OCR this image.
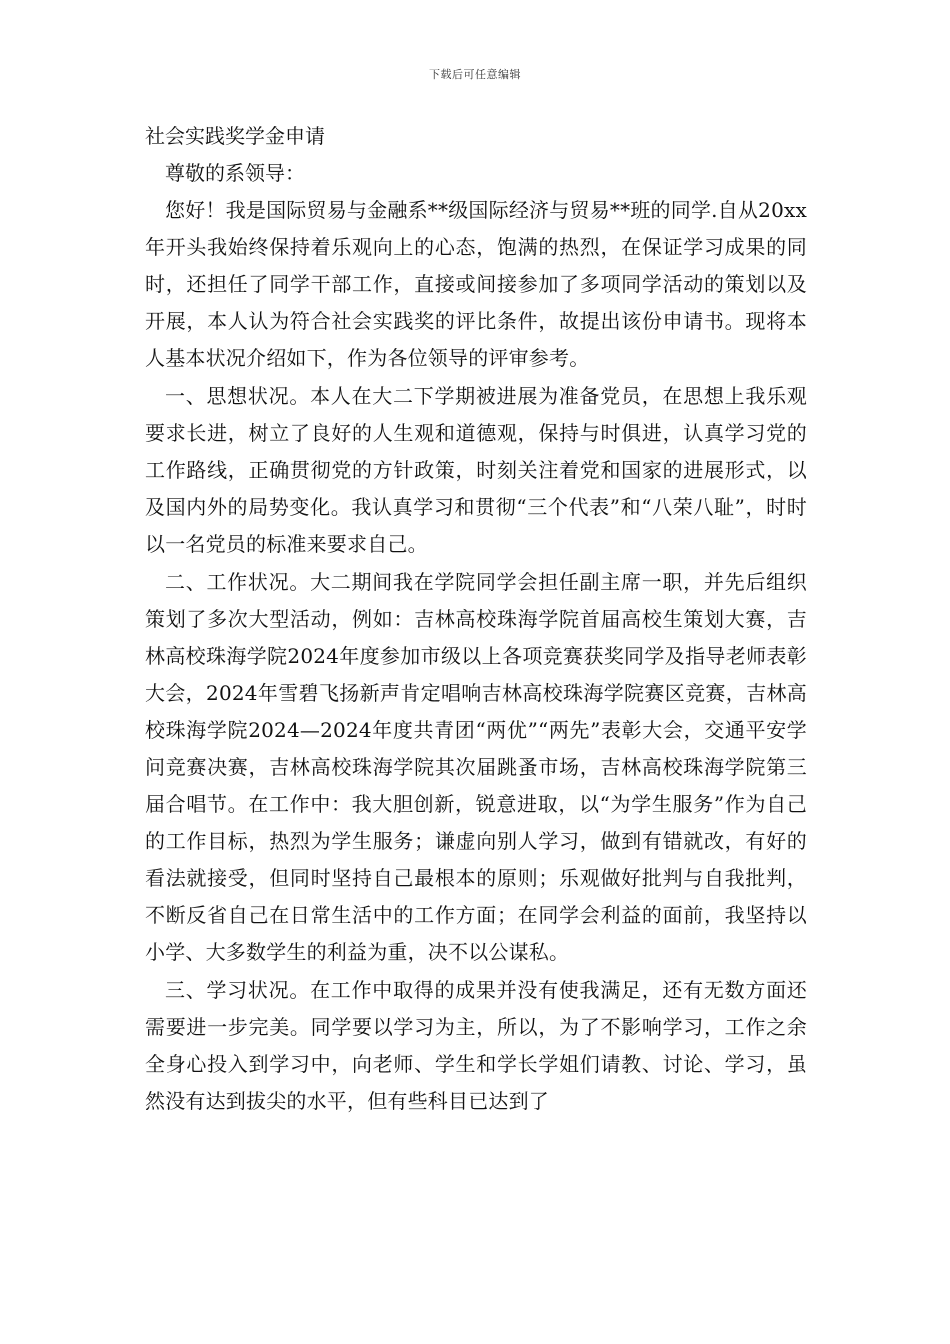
下载后可任意编辑
社会实践奖学金申请

尊敬的系领导：

您好！我是国际贸易与金融系**级国际经济与贸易**班的同学.自从20xx年开头我始终保持着乐观向上的心态，饱满的热烈，在保证学习成果的同时，还担任了同学干部工作，直接或间接参加了多项同学活动的策划以及开展，本人认为符合社会实践奖的评比条件，故提出该份申请书。现将本人基本状况介绍如下，作为各位领导的评审参考。

一、思想状况。本人在大二下学期被进展为准备党员，在思想上我乐观要求长进，树立了良好的人生观和道德观，保持与时俱进，认真学习党的工作路线，正确贯彻党的方针政策，时刻关注着党和国家的进展形式，以及国内外的局势变化。我认真学习和贯彻“三个代表”和“八荣八耻”，时时以一名党员的标准来要求自己。

二、工作状况。大二期间我在学院同学会担任副主席一职，并先后组织策划了多次大型活动，例如：吉林高校珠海学院首届高校生策划大赛，吉林高校珠海学院2024年度参加市级以上各项竞赛获奖同学及指导老师表彰大会，2024年雪碧飞扬新声肯定唱响吉林高校珠海学院赛区竞赛，吉林高校珠海学院2024—2024年度共青团“两优”“两先”表彰大会，交通平安学问竞赛决赛，吉林高校珠海学院其次届跳蚤市场，吉林高校珠海学院第三届合唱节。在工作中：我大胆创新，锐意进取，以“为学生服务”作为自己的工作目标，热烈为学生服务；谦虚向别人学习，做到有错就改，有好的看法就接受，但同时坚持自己最根本的原则；乐观做好批判与自我批判，不断反省自己在日常生活中的工作方面；在同学会利益的面前，我坚持以小学、大多数学生的利益为重，决不以公谋私。

三、学习状况。在工作中取得的成果并没有使我满足，还有无数方面还需要进一步完美。同学要以学习为主，所以，为了不影响学习，工作之余全身心投入到学习中，向老师、学生和学长学姐们请教、讨论、学习，虽然没有达到拔尖的水平，但有些科目已达到了
